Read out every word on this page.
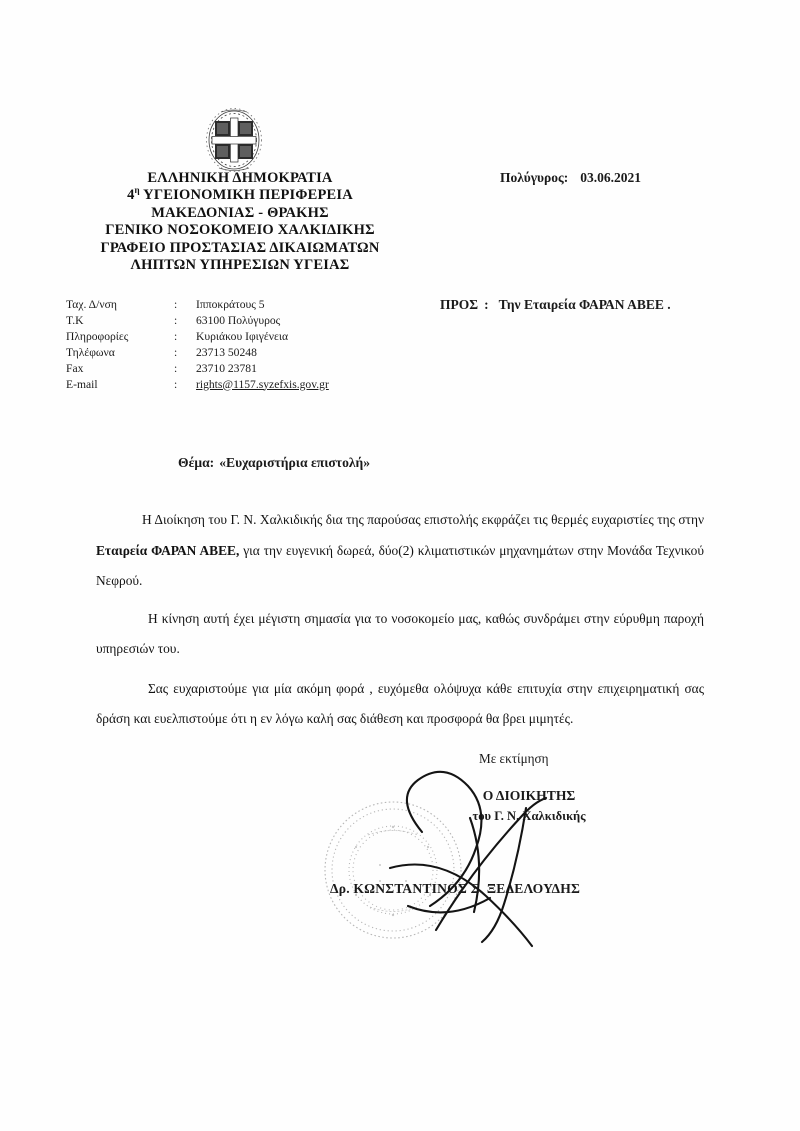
ΕΛΛΗΝΙΚΗ ΔΗΜΟΚΡΑΤΙΑ
$4^\eta$ ΥΓΕΙΟΝΟΜΙΚΗ ΠΕΡΙΦΕΡΕΙΑ
ΜΑΚΕΔΟΝΙΑΣ - ΘΡΑΚΗΣ
ΓΕΝΙΚΟ ΝΟΣΟΚΟΜΕΙΟ ΧΑΛΚΙΔΙΚΗΣ
ΓΡΑΦΕΙΟ ΠΡΟΣΤΑΣΙΑΣ ΔΙΚΑΙΩΜΑΤΩΝ
ΛΗΠΤΩΝ ΥΠΗΡΕΣΙΩΝ ΥΓΕΙΑΣ
Πολύγυρος: 03.06.2021
Ταχ. Δ/νση	:	Ιπποκράτους 5
Τ.Κ	:	63100 Πολύγυρος
Πληροφορίες	:	Κυριάκου Ιφιγένεια
Τηλέφωνα	:	23713 50248
Fax	:	23710 23781
E-mail	:	rights@1157.syzefxis.gov.gr
ΠΡΟΣ : Την Εταιρεία ΦΑΡΑΝ ΑΒΕΕ .
Θέμα: «Ευχαριστήρια επιστολή»

Η Διοίκηση του Γ. Ν. Χαλκιδικής δια της παρούσας επιστολής εκφράζει τις θερμές ευχαριστίες της στην Εταιρεία ΦΑΡΑΝ ΑΒΕΕ, για την ευγενική δωρεά, δύο(2) κλιματιστικών μηχανημάτων στην Μονάδα Τεχνικού Νεφρού.

Η κίνηση αυτή έχει μέγιστη σημασία για το νοσοκομείο μας, καθώς συνδράμει στην εύρυθμη παροχή υπηρεσιών του.

Σας ευχαριστούμε για μία ακόμη φορά , ευχόμεθα ολόψυχα κάθε επιτυχία στην επιχειρηματική σας δράση και ευελπιστούμε ότι η εν λόγω καλή σας διάθεση και προσφορά θα βρει μιμητές.

Με εκτίμηση
Ο ΔΙΟΙΚΗΤΗΣ
του Γ. Ν. Χαλκιδικής
Δρ. ΚΩΝΣΤΑΝΤΙΝΟΣ Σ. ΞΕΔΕΛΟΥΔΗΣ
